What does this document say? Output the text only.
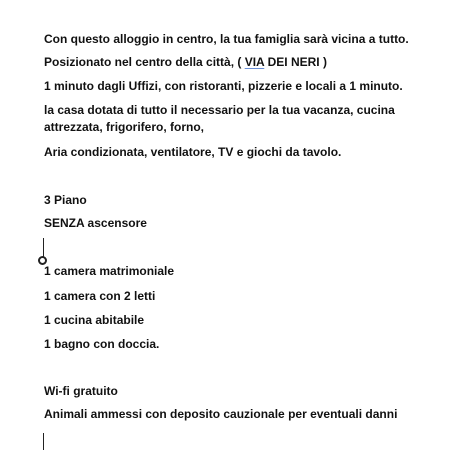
Con questo alloggio in centro, la tua famiglia sarà vicina a tutto.
Posizionato nel centro della città, ( VIA DEI NERI )
1 minuto dagli Uffizi, con ristoranti, pizzerie e locali a 1 minuto.
la casa dotata di tutto il necessario per la tua vacanza, cucina
attrezzata, frigorifero, forno,
Aria condizionata, ventilatore, TV e giochi da tavolo.
3 Piano
SENZA ascensore
1 camera matrimoniale
1 camera con 2 letti
1 cucina abitabile
1 bagno con doccia.
Wi-fi gratuito
Animali ammessi con deposito cauzionale per eventuali danni
